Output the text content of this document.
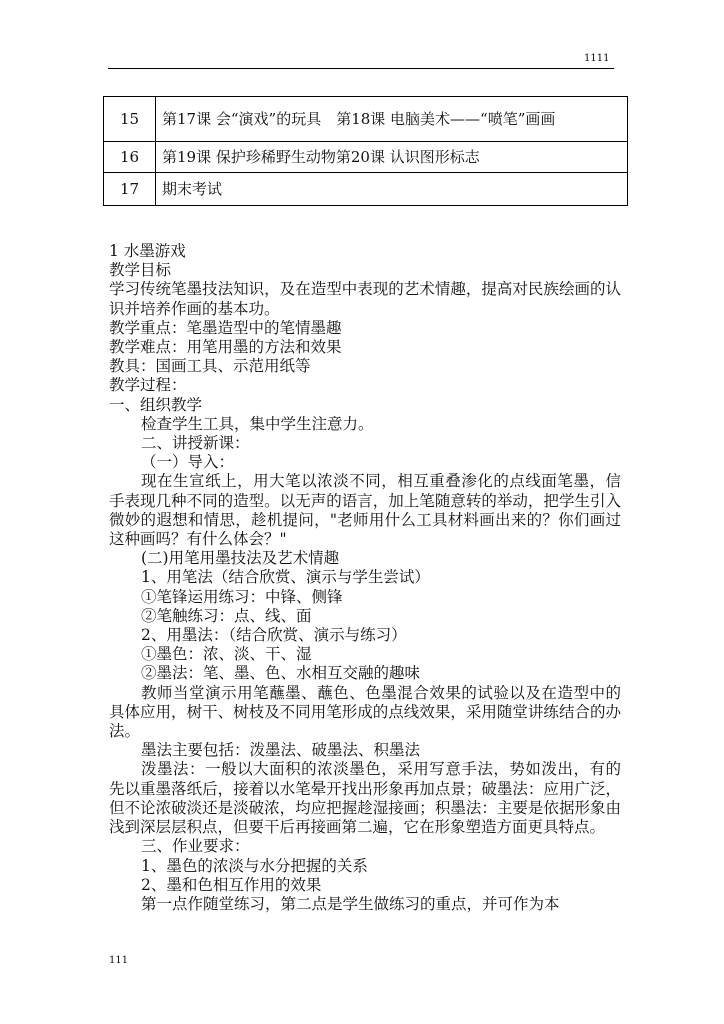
1111
15	第17课 会“演戏”的玩具　第18课 电脑美术——“喷笔”画画
16	第19课 保护珍稀野生动物第20课 认识图形标志
17	期末考试

1 水墨游戏

教学目标

学习传统笔墨技法知识，及在造型中表现的艺术情趣，提高对民族绘画的认识并培养作画的基本功。

教学重点：笔墨造型中的笔情墨趣

教学难点：用笔用墨的方法和效果

教具：国画工具、示范用纸等

教学过程：

一、组织教学

检查学生工具，集中学生注意力。

二、讲授新课：

（一）导入：

现在生宣纸上，用大笔以浓淡不同，相互重叠渗化的点线面笔墨，信手表现几种不同的造型。以无声的语言，加上笔随意转的举动，把学生引入微妙的遐想和情思，趁机提问，"老师用什么工具材料画出来的？你们画过这种画吗？有什么体会？"

(二)用笔用墨技法及艺术情趣

1、用笔法（结合欣赏、演示与学生尝试）

①笔锋运用练习：中锋、侧锋

②笔触练习：点、线、面

2、用墨法：（结合欣赏、演示与练习）

①墨色：浓、淡、干、湿

②墨法：笔、墨、色、水相互交融的趣味

教师当堂演示用笔蘸墨、蘸色、色墨混合效果的试验以及在造型中的具体应用，树干、树枝及不同用笔形成的点线效果，采用随堂讲练结合的办法。

墨法主要包括：泼墨法、破墨法、积墨法

泼墨法：一般以大面积的浓淡墨色，采用写意手法，势如泼出，有的先以重墨落纸后，接着以水笔晕开找出形象再加点景；破墨法：应用广泛，但不论浓破淡还是淡破浓，均应把握趁湿接画；积墨法：主要是依据形象由浅到深层层积点，但要干后再接画第二遍，它在形象塑造方面更具特点。

三、作业要求：

1、墨色的浓淡与水分把握的关系

2、墨和色相互作用的效果

第一点作随堂练习，第二点是学生做练习的重点，并可作为本

111
